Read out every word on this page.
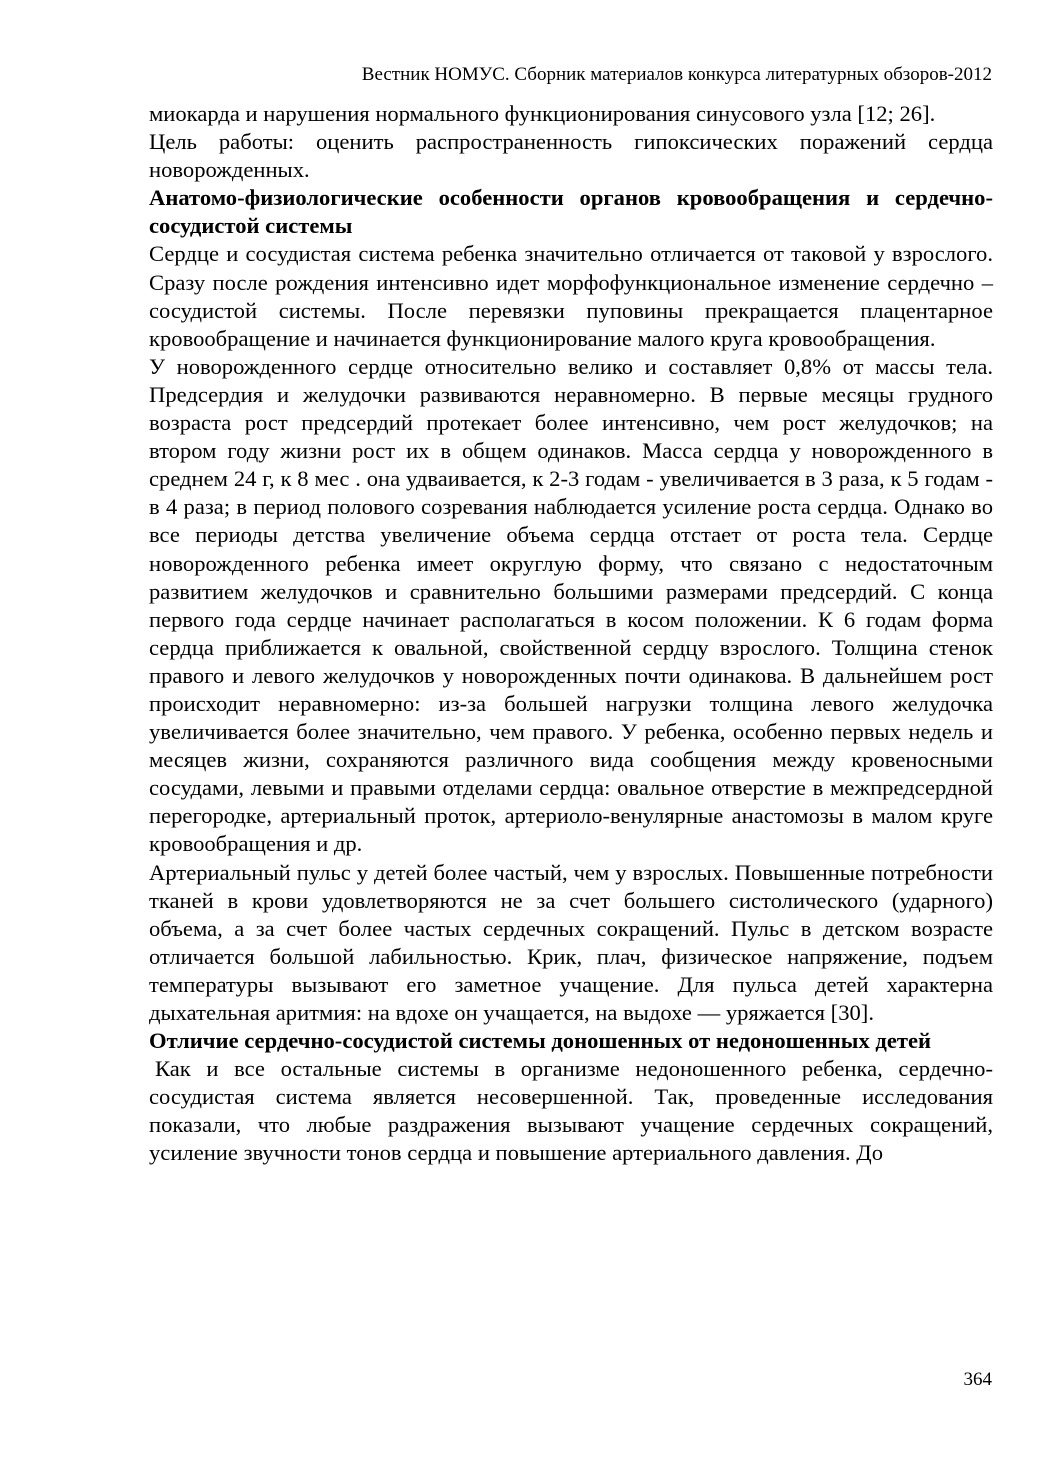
Вестник НОМУС. Сборник материалов конкурса литературных обзоров-2012

миокарда и нарушения нормального функционирования синусового узла [12; 26].

Цель работы: оценить распространенность гипоксических поражений сердца новорожденных.

Анатомо-физиологические особенности органов кровообращения и сердечно-сосудистой системы

Сердце и сосудистая система ребенка значительно отличается от таковой у взрослого. Сразу после рождения интенсивно идет морфофункциональное изменение сердечно – сосудистой системы. После перевязки пуповины прекращается плацентарное кровообращение и начинается функционирование малого круга кровообращения.

У новорожденного сердце относительно велико и составляет 0,8% от массы тела. Предсердия и желудочки развиваются неравномерно. В первые месяцы грудного возраста рост предсердий протекает более интенсивно, чем рост желудочков; на втором году жизни рост их в общем одинаков. Масса сердца у новорожденного в среднем 24 г, к 8 мес . она удваивается, к 2-3 годам - увеличивается в 3 раза, к 5 годам - в 4 раза; в период полового созревания наблюдается усиление роста сердца. Однако во все периоды детства увеличение объема сердца отстает от роста тела. Сердце новорожденного ребенка имеет округлую форму, что связано с недостаточным развитием желудочков и сравнительно большими размерами предсердий. С конца первого года сердце начинает располагаться в косом положении. К 6 годам форма сердца приближается к овальной, свойственной сердцу взрослого. Толщина стенок правого и левого желудочков у новорожденных почти одинакова. В дальнейшем рост происходит неравномерно: из-за большей нагрузки толщина левого желудочка увеличивается более значительно, чем правого. У ребенка, особенно первых недель и месяцев жизни, сохраняются различного вида сообщения между кровеносными сосудами, левыми и правыми отделами сердца: овальное отверстие в межпредсердной перегородке, артериальный проток, артериоло-венулярные анастомозы в малом круге кровообращения и др.

Артериальный пульс у детей более частый, чем у взрослых. Повышенные потребности тканей в крови удовлетворяются не за счет большего систолического (ударного) объема, а за счет более частых сердечных сокращений. Пульс в детском возрасте отличается большой лабильностью. Крик, плач, физическое напряжение, подъем температуры вызывают его заметное учащение. Для пульса детей характерна дыхательная аритмия: на вдохе он учащается, на выдохе — уряжается [30].

Отличие сердечно-сосудистой системы доношенных от недоношенных детей

Как и все остальные системы в организме недоношенного ребенка, сердечно-сосудистая система является несовершенной. Так, проведенные исследования показали, что любые раздражения вызывают учащение сердечных сокращений, усиление звучности тонов сердца и повышение артериального давления. До

364
